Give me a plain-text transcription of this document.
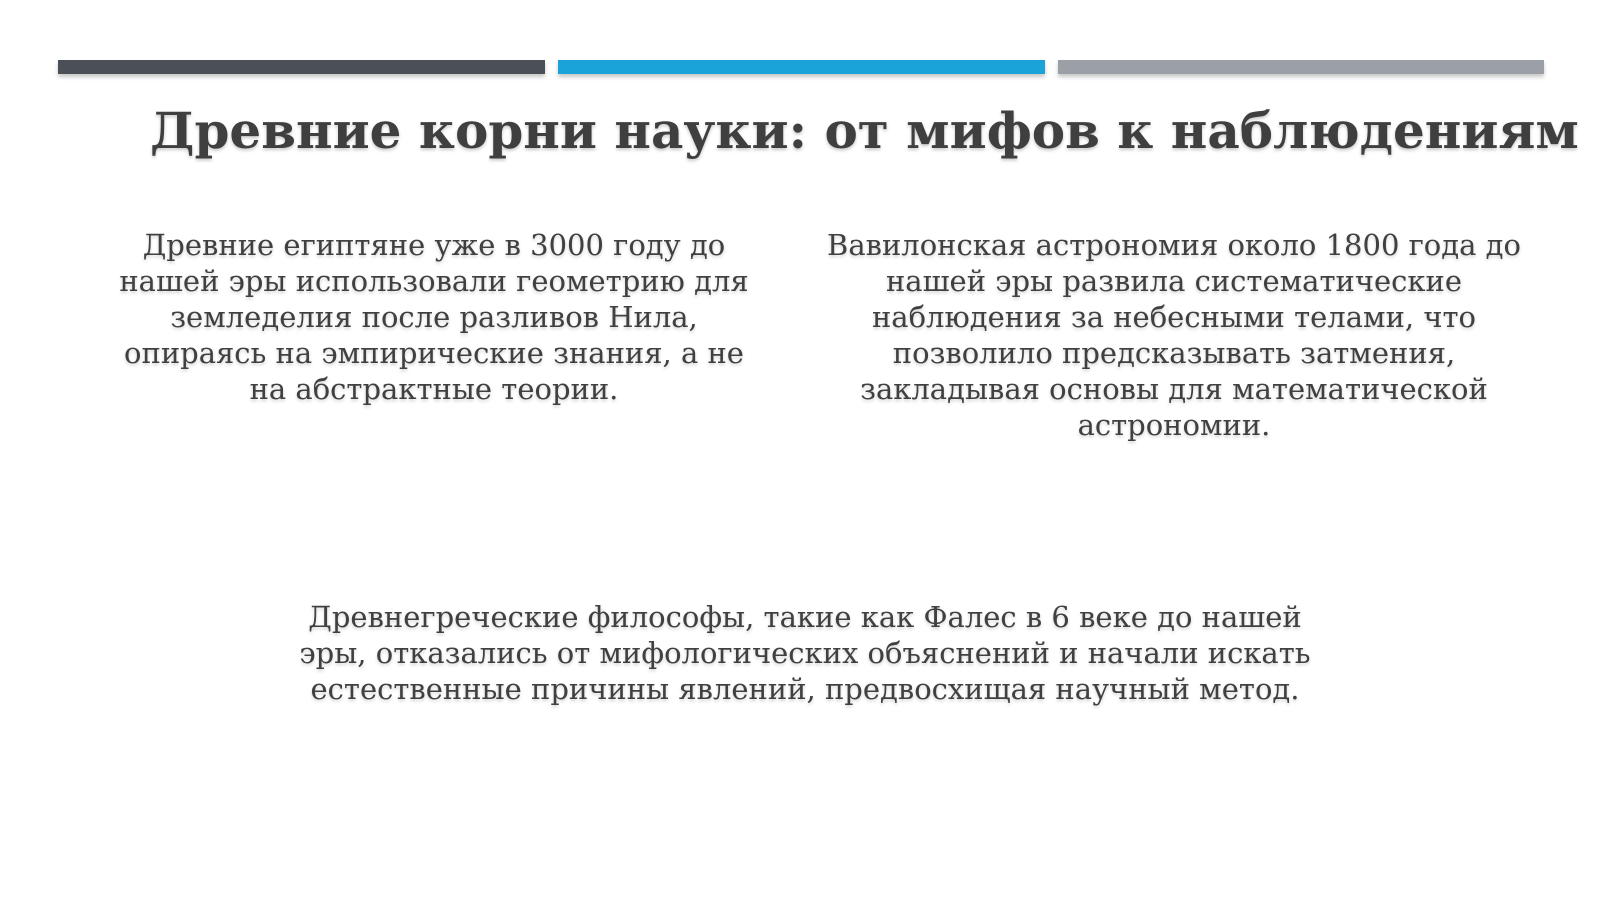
Древние корни науки: от мифов к наблюдениям
Древние египтяне уже в 3000 году до
нашей эры использовали геометрию для
земледелия после разливов Нила,
опираясь на эмпирические знания, а не
на абстрактные теории.
Вавилонская астрономия около 1800 года до
нашей эры развила систематические
наблюдения за небесными телами, что
позволило предсказывать затмения,
закладывая основы для математической
астрономии.
Древнегреческие философы, такие как Фалес в 6 веке до нашей
эры, отказались от мифологических объяснений и начали искать
естественные причины явлений, предвосхищая научный метод.
